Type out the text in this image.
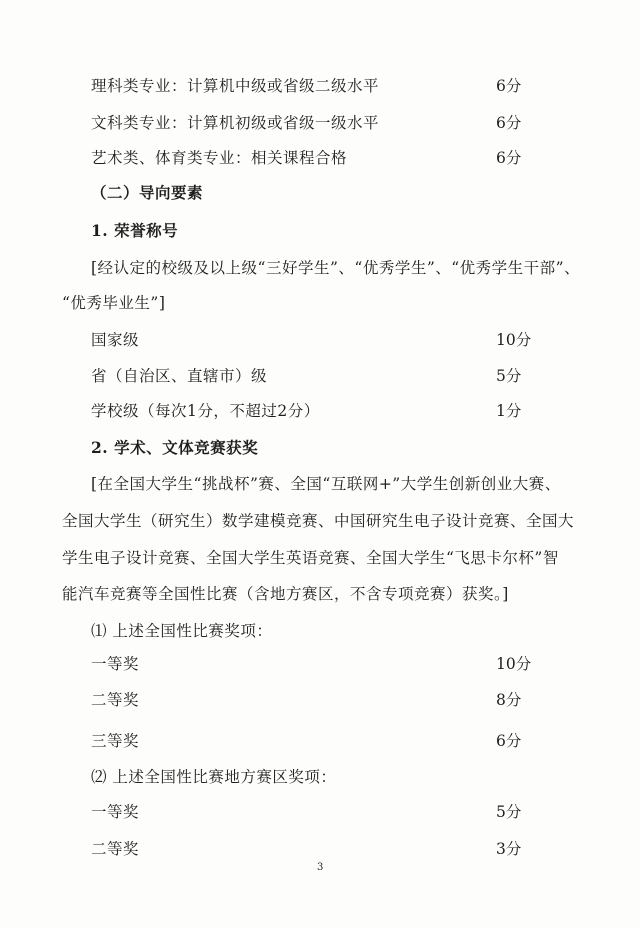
理科类专业：计算机中级或省级二级水平	6分
文科类专业：计算机初级或省级一级水平	6分
艺术类、体育类专业：相关课程合格	6分
（二）导向要素
1. 荣誉称号
[经认定的校级及以上级“三好学生”、“优秀学生”、“优秀学生干部”、
“优秀毕业生”]
国家级	10分
省（自治区、直辖市）级	5分
学校级（每次1分，不超过2分）	1分
2. 学术、文体竞赛获奖
[在全国大学生“挑战杯”赛、全国“互联网+”大学生创新创业大赛、
全国大学生（研究生）数学建模竞赛、中国研究生电子设计竞赛、全国大
学生电子设计竞赛、全国大学生英语竞赛、全国大学生“飞思卡尔杯”智
能汽车竞赛等全国性比赛（含地方赛区，不含专项竞赛）获奖。]
⑴ 上述全国性比赛奖项：
一等奖	10分
二等奖	8分
三等奖	6分
⑵ 上述全国性比赛地方赛区奖项：
一等奖	5分
二等奖	3分
3
